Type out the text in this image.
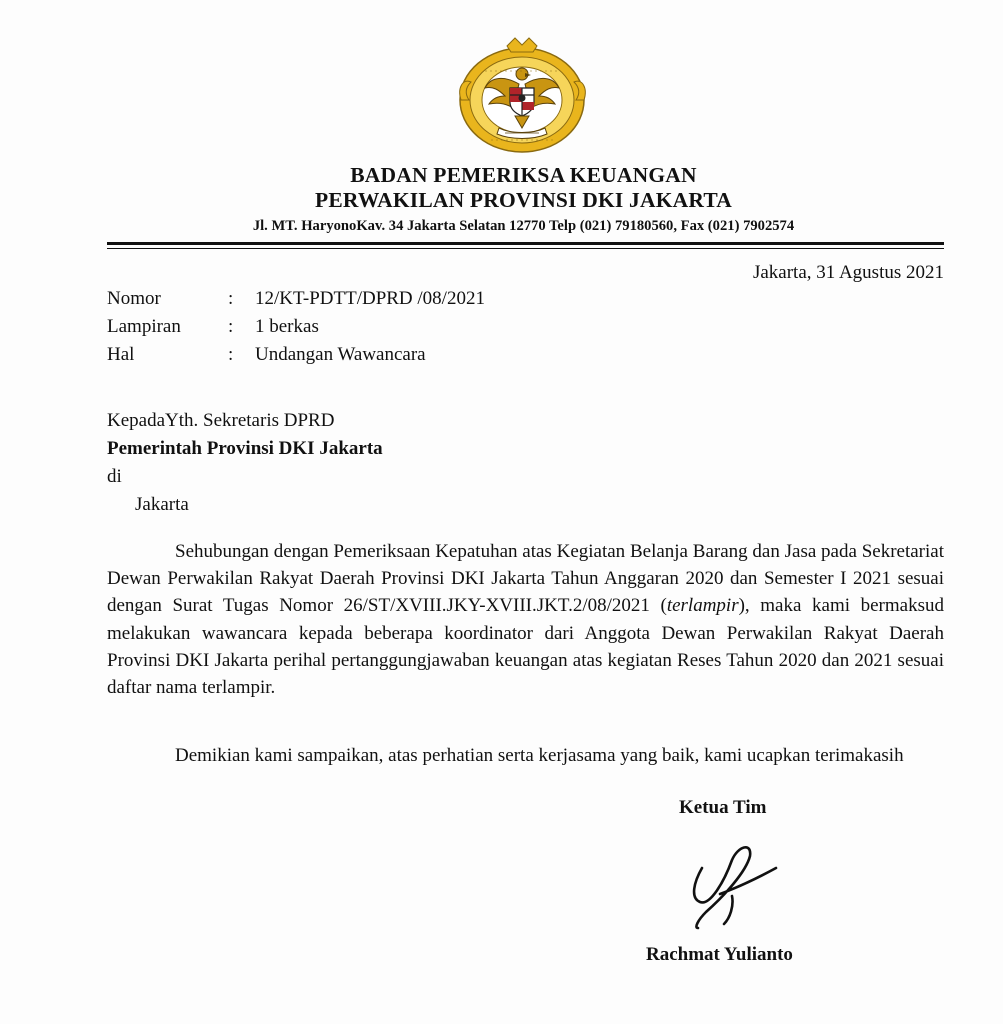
BADAN PEMERIKSA KEUANGAN
PERWAKILAN PROVINSI DKI JAKARTA
Jl. MT. HaryonoKav. 34 Jakarta Selatan 12770 Telp (021) 79180560, Fax (021) 7902574
Jakarta, 31 Agustus 2021
Nomor	: 12/KT-PDTT/DPRD /08/2021
Lampiran : 1 berkas
Hal	: Undangan Wawancara
KepadaYth. Sekretaris DPRD
Pemerintah Provinsi DKI Jakarta
di
Jakarta
Sehubungan dengan Pemeriksaan Kepatuhan atas Kegiatan Belanja Barang dan Jasa pada Sekretariat Dewan Perwakilan Rakyat Daerah Provinsi DKI Jakarta Tahun Anggaran 2020 dan Semester I 2021 sesuai dengan Surat Tugas Nomor 26/ST/XVIII.JKY-XVIII.JKT.2/08/2021 (terlampir), maka kami bermaksud melakukan wawancara kepada beberapa koordinator dari Anggota Dewan Perwakilan Rakyat Daerah Provinsi DKI Jakarta perihal pertanggungjawaban keuangan atas kegiatan Reses Tahun 2020 dan 2021 sesuai daftar nama terlampir.
Demikian kami sampaikan, atas perhatian serta kerjasama yang baik, kami ucapkan terimakasih
Ketua Tim
Rachmat Yulianto
